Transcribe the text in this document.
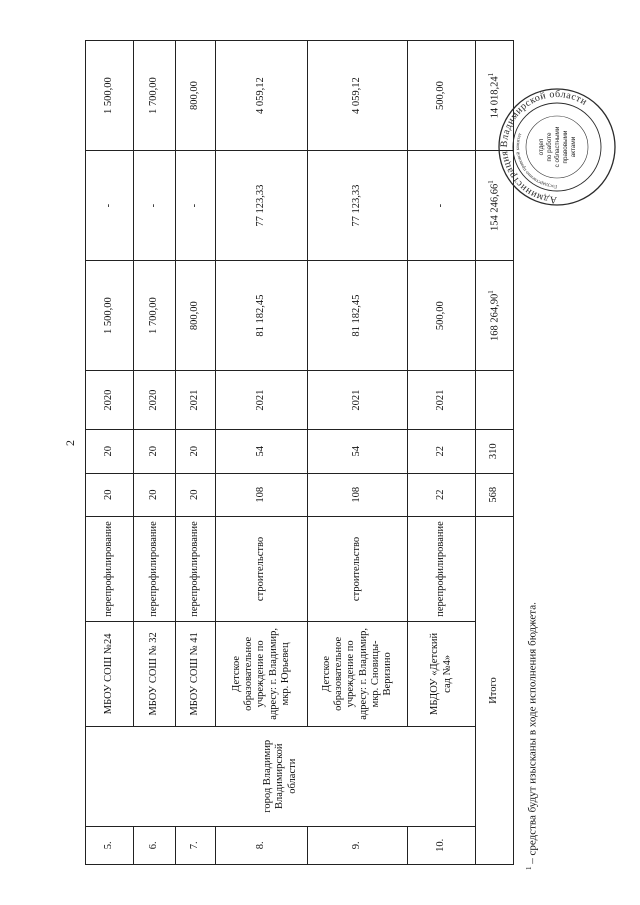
2
5.	город Владимир Владимирской области	МБОУ СОШ №24	перепрофилирование	20	20	2020	1 500,00	-	1 500,00
6.		МБОУ СОШ № 32	перепрофилирование	20	20	2020	1 700,00	-	1 700,00
7.		МБОУ СОШ № 41	перепрофилирование	20	20	2021	800,00	-	800,00
8.		Детское образовательное учреждение по адресу: г. Владимир, мкр. Юрьевец	строительство	108	54	2021	81 182,45	77 123,33	4 059,12
9.		Детское образовательное учреждение по адресу: г. Владимир, мкр. Сновицы-Веризино	строительство	108	54	2021	81 182,45	77 123,33	4 059,12
10.		МБДОУ «Детский сад №4»	перепрофилирование	22	22	2021	500,00	-	500,00
Итого				568	310		168 264,90$^1$	154 246,66$^1$	14 018,24$^1$
$^1$ – средства будут изысканы в ходе исполнения бюджета.
Администрация Владимирской области
Государственно-правовой комитет
отдел по работе с областными правовыми актами
